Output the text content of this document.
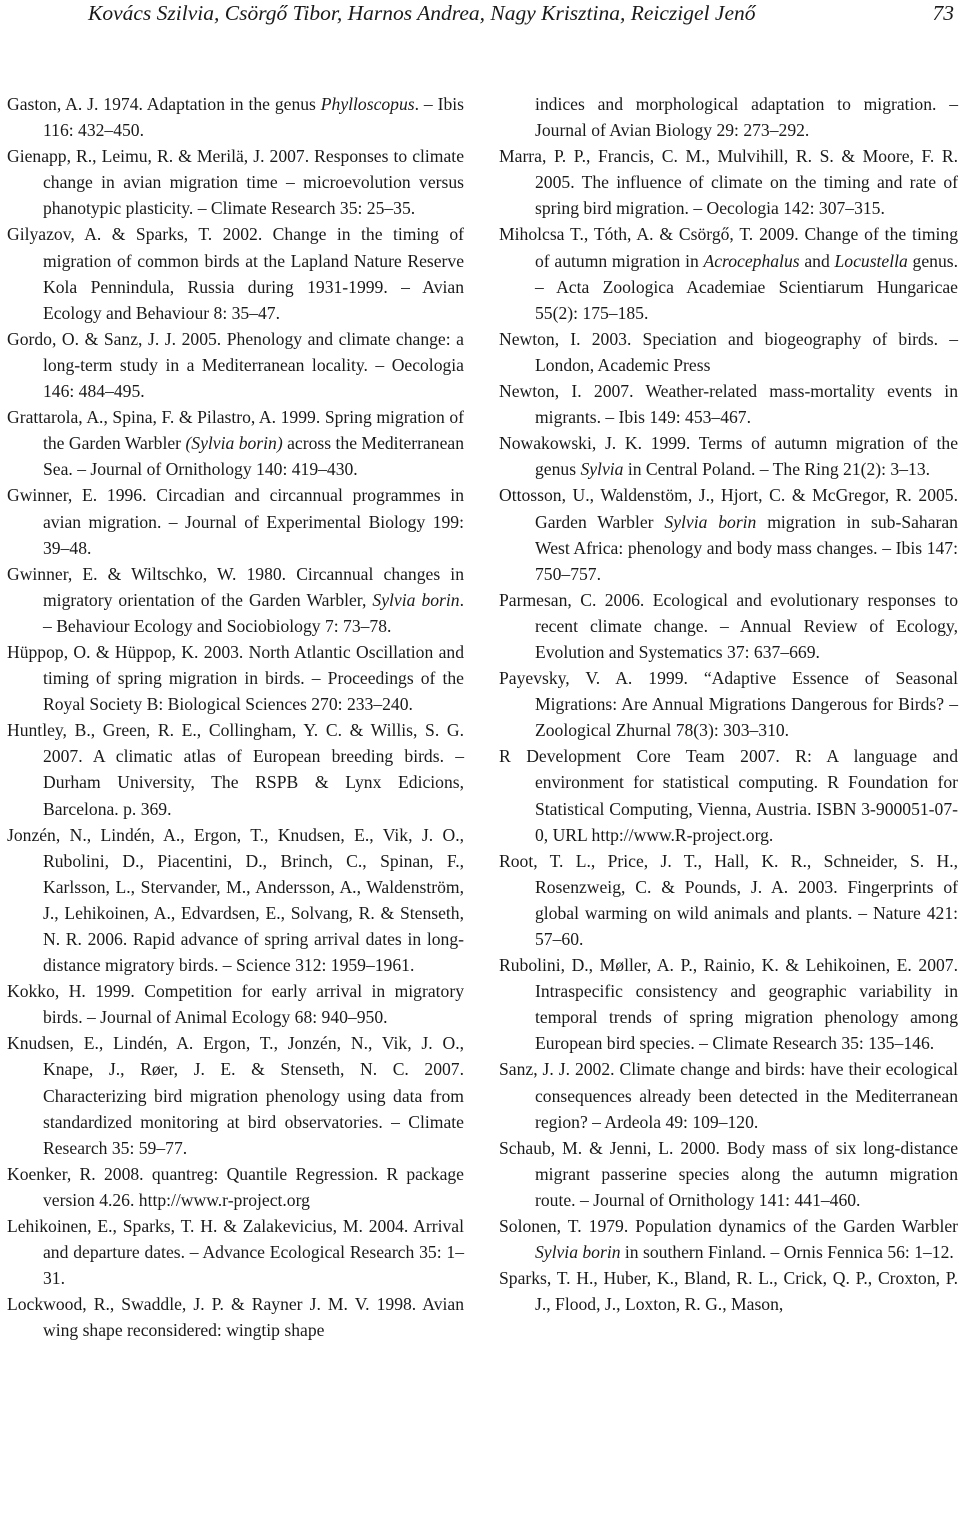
Kovács Szilvia, Csörgő Tibor, Harnos Andrea, Nagy Krisztina, Reiczigel Jenő	73

Gaston, A. J. 1974. Adaptation in the genus Phylloscopus. – Ibis 116: 432–450.

Gienapp, R., Leimu, R. & Merilä, J. 2007. Responses to climate change in avian migration time – microevolution versus phanotypic plasticity. – Climate Research 35: 25–35.

Gilyazov, A. & Sparks, T. 2002. Change in the timing of migration of common birds at the Lapland Nature Reserve Kola Pennindula, Russia during 1931-1999. – Avian Ecology and Behaviour 8: 35–47.

Gordo, O. & Sanz, J. J. 2005. Phenology and climate change: a long-term study in a Mediterranean locality. – Oecologia 146: 484–495.

Grattarola, A., Spina, F. & Pilastro, A. 1999. Spring migration of the Garden Warbler (Sylvia borin) across the Mediterranean Sea. – Journal of Ornithology 140: 419–430.

Gwinner, E. 1996. Circadian and circannual programmes in avian migration. – Journal of Experimental Biology 199: 39–48.

Gwinner, E. & Wiltschko, W. 1980. Circannual changes in migratory orientation of the Garden Warbler, Sylvia borin. – Behaviour Ecology and Sociobiology 7: 73–78.

Hüppop, O. & Hüppop, K. 2003. North Atlantic Oscillation and timing of spring migration in birds. – Proceedings of the Royal Society B: Biological Sciences 270: 233–240.

Huntley, B., Green, R. E., Collingham, Y. C. & Willis, S. G. 2007. A climatic atlas of European breeding birds. – Durham University, The RSPB & Lynx Edicions, Barcelona. p. 369.

Jonzén, N., Lindén, A., Ergon, T., Knudsen, E., Vik, J. O., Rubolini, D., Piacentini, D., Brinch, C., Spinan, F., Karlsson, L., Stervander, M., Andersson, A., Waldenström, J., Lehikoinen, A., Edvardsen, E., Solvang, R. & Stenseth, N. R. 2006. Rapid advance of spring arrival dates in long-distance migratory birds. – Science 312: 1959–1961.

Kokko, H. 1999. Competition for early arrival in migratory birds. – Journal of Animal Ecology 68: 940–950.

Knudsen, E., Lindén, A. Ergon, T., Jonzén, N., Vik, J. O., Knape, J., Røer, J. E. & Stenseth, N. C. 2007. Characterizing bird migration phenology using data from standardized monitoring at bird observatories. – Climate Research 35: 59–77.

Koenker, R. 2008. quantreg: Quantile Regression. R package version 4.26. http://www.r-project.org

Lehikoinen, E., Sparks, T. H. & Zalakevicius, M. 2004. Arrival and departure dates. – Advance Ecological Research 35: 1–31.

Lockwood, R., Swaddle, J. P. & Rayner J. M. V. 1998. Avian wing shape reconsidered: wingtip shape

indices and morphological adaptation to migration. – Journal of Avian Biology 29: 273–292.

Marra, P. P., Francis, C. M., Mulvihill, R. S. & Moore, F. R. 2005. The influence of climate on the timing and rate of spring bird migration. – Oecologia 142: 307–315.

Miholcsa T., Tóth, A. & Csörgő, T. 2009. Change of the timing of autumn migration in Acrocephalus and Locustella genus. – Acta Zoologica Academiae Scientiarum Hungaricae 55(2): 175–185.

Newton, I. 2003. Speciation and biogeography of birds. – London, Academic Press

Newton, I. 2007. Weather-related mass-mortality events in migrants. – Ibis 149: 453–467.

Nowakowski, J. K. 1999. Terms of autumn migration of the genus Sylvia in Central Poland. – The Ring 21(2): 3–13.

Ottosson, U., Waldenstöm, J., Hjort, C. & McGregor, R. 2005. Garden Warbler Sylvia borin migration in sub-Saharan West Africa: phenology and body mass changes. – Ibis 147: 750–757.

Parmesan, C. 2006. Ecological and evolutionary responses to recent climate change. – Annual Review of Ecology, Evolution and Systematics 37: 637–669.

Payevsky, V. A. 1999. “Adaptive Essence of Seasonal Migrations: Are Annual Migrations Dangerous for Birds? – Zoological Zhurnal 78(3): 303–310.

R Development Core Team 2007. R: A language and environment for statistical computing. R Foundation for Statistical Computing, Vienna, Austria. ISBN 3-900051-07-0, URL http://www.R-project.org.

Root, T. L., Price, J. T., Hall, K. R., Schneider, S. H., Rosenzweig, C. & Pounds, J. A. 2003. Fingerprints of global warming on wild animals and plants. – Nature 421: 57–60.

Rubolini, D., Møller, A. P., Rainio, K. & Lehikoinen, E. 2007. Intraspecific consistency and geographic variability in temporal trends of spring migration phenology among European bird species. – Climate Research 35: 135–146.

Sanz, J. J. 2002. Climate change and birds: have their ecological consequences already been detected in the Mediterranean region? – Ardeola 49: 109–120.

Schaub, M. & Jenni, L. 2000. Body mass of six long-distance migrant passerine species along the autumn migration route. – Journal of Ornithology 141: 441–460.

Solonen, T. 1979. Population dynamics of the Garden Warbler Sylvia borin in southern Finland. – Ornis Fennica 56: 1–12.

Sparks, T. H., Huber, K., Bland, R. L., Crick, Q. P., Croxton, P. J., Flood, J., Loxton, R. G., Mason,
